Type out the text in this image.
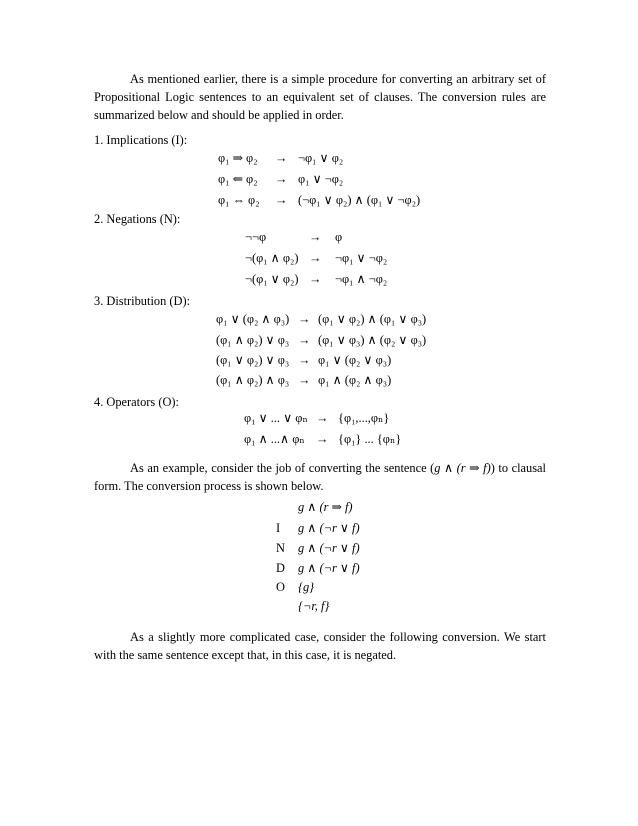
As mentioned earlier, there is a simple procedure for converting an arbitrary set of Propositional Logic sentences to an equivalent set of clauses. The conversion rules are summarized below and should be applied in order.
1. Implications (I):
φ₁ ⇒ φ₂ → ¬φ₁ ∨ φ₂
φ₁ ⇐ φ₂ → φ₁ ∨ ¬φ₂
φ₁ ⇔ φ₂ → (¬φ₁ ∨ φ₂) ∧ (φ₁ ∨ ¬φ₂)
2. Negations (N):
¬¬φ	→ φ
¬(φ₁ ∧ φ₂) → ¬φ₁ ∨ ¬φ₂
¬(φ₁ ∨ φ₂) → ¬φ₁ ∧ ¬φ₂
3. Distribution (D):
φ₁ ∨ (φ₂ ∧ φ₃) → (φ₁ ∨ φ₂) ∧ (φ₁ ∨ φ₃)
(φ₁ ∧ φ₂) ∨ φ₃ → (φ₁ ∨ φ₃) ∧ (φ₂ ∨ φ₃)
(φ₁ ∨ φ₂) ∨ φ₃ → φ₁ ∨ (φ₂ ∨ φ₃)
(φ₁ ∧ φ₂) ∧ φ₃ → φ₁ ∧ (φ₂ ∧ φ₃)
4. Operators (O):
φ₁ ∨ ... ∨ φₙ → {φ₁,...,φₙ}
φ₁ ∧ ...∧ φₙ → {φ₁} ... {φₙ}
As an example, consider the job of converting the sentence (g ∧ (r ⇒ f)) to clausal form. The conversion process is shown below.
g ∧ (r ⇒ f)
I g ∧ (¬r ∨ f)
N g ∧ (¬r ∨ f)
D g ∧ (¬r ∨ f)
O {g}
{¬r, f}
As a slightly more complicated case, consider the following conversion. We start with the same sentence except that, in this case, it is negated.
